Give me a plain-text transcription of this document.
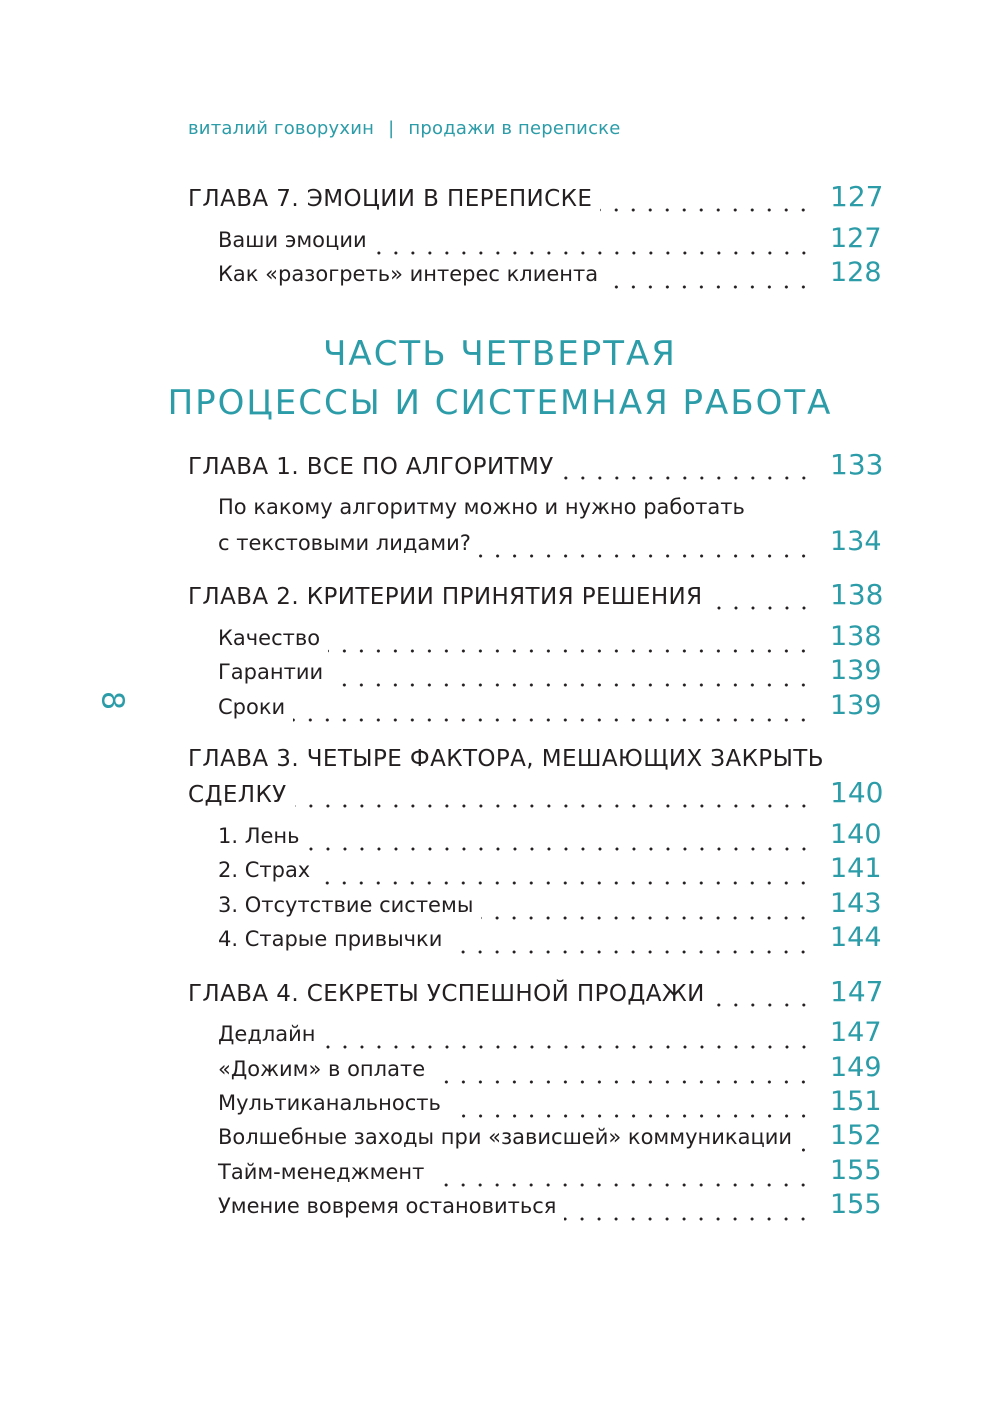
виталий говорухин | продажи в переписке
8
ГЛАВА 7. ЭМОЦИИ В ПЕРЕПИСКЕ	127
Ваши эмоции	127
Как «разогреть» интерес клиента	128
ЧАСТЬ ЧЕТВЕРТАЯ
ПРОЦЕССЫ И СИСТЕМНАЯ РАБОТА
ГЛАВА 1. ВСЕ ПО АЛГОРИТМУ	133
По какому алгоритму можно и нужно работать
с текстовыми лидами?	134
ГЛАВА 2. КРИТЕРИИ ПРИНЯТИЯ РЕШЕНИЯ	138
Качество	138
Гарантии	139
Сроки	139
ГЛАВА 3. ЧЕТЫРЕ ФАКТОРА, МЕШАЮЩИХ ЗАКРЫТЬ
СДЕЛКУ	140
1. Лень	140
2. Страх	141
3. Отсутствие системы	143
4. Старые привычки	144
ГЛАВА 4. СЕКРЕТЫ УСПЕШНОЙ ПРОДАЖИ	147
Дедлайн	147
«Дожим» в оплате	149
Мультиканальность	151
Волшебные заходы при «зависшей» коммуникации 152
Тайм-менеджмент	155
Умение вовремя остановиться	155
